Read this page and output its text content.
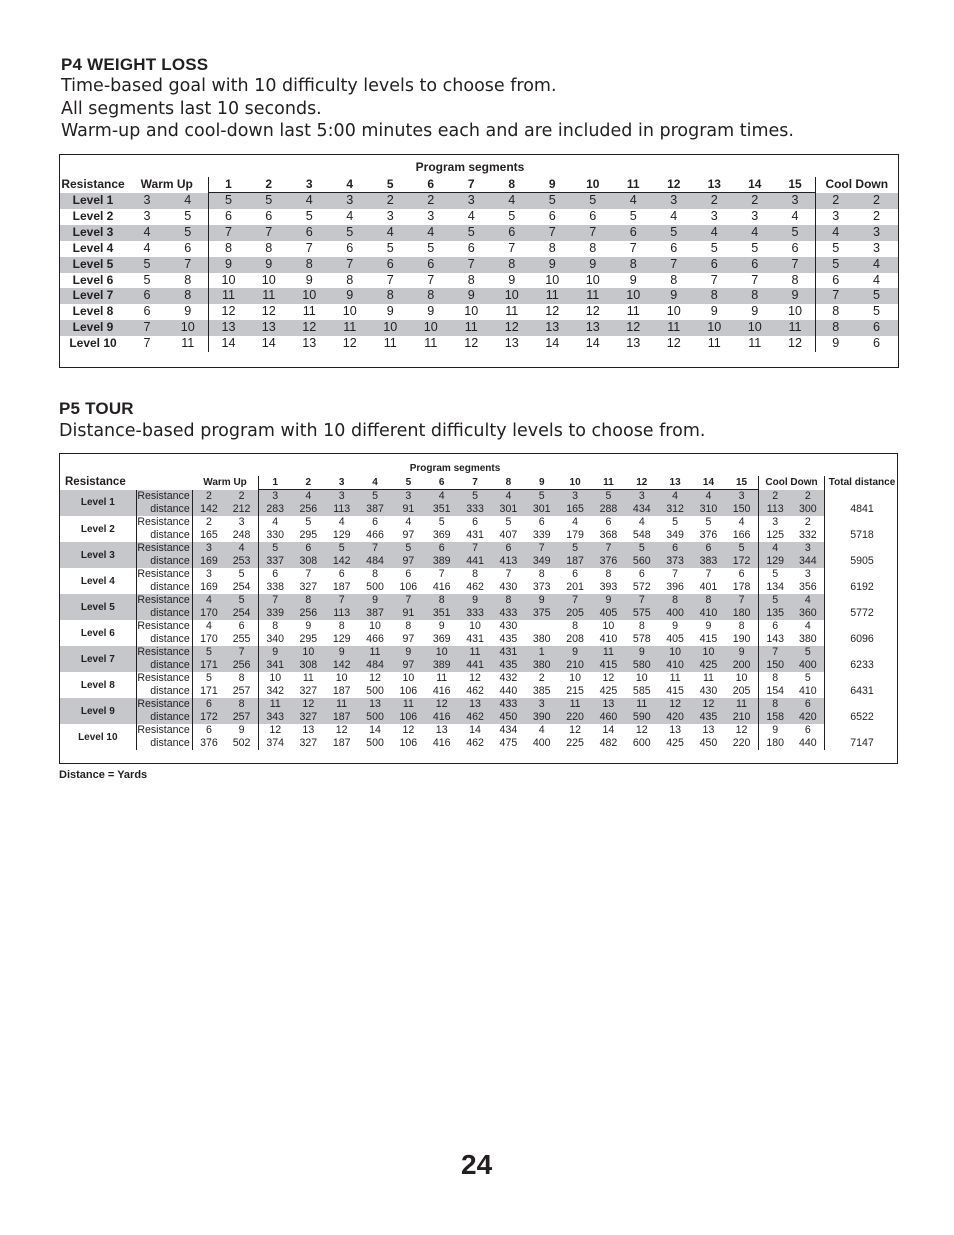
P4 WEIGHT LOSS

Time-based goal with 10 difficulty levels to choose from.

All segments last 10 seconds.

Warm-up and cool-down last 5:00 minutes each and are included in program times.

Program segments
Resistance	Warm Up		1	2	3	4	5	6	7	8	9	10	11	12	13	14	15	Cool Down		
Level 1	3	4	5	5	4	3	2	2	3	4	5	5	4	3	2	2	3	2	2	
Level 2	3	5	6	6	5	4	3	3	4	5	6	6	5	4	3	3	4	3	2	
Level 3	4	5	7	7	6	5	4	4	5	6	7	7	6	5	4	4	5	4	3	
Level 4	4	6	8	8	7	6	5	5	6	7	8	8	7	6	5	5	6	5	3	
Level 5	5	7	9	9	8	7	6	6	7	8	9	9	8	7	6	6	7	5	4	
Level 6	5	8	10	10	9	8	7	7	8	9	10	10	9	8	7	7	8	6	4	
Level 7	6	8	11	11	10	9	8	8	9	10	11	11	10	9	8	8	9	7	5	
Level 8	6	9	12	12	11	10	9	9	10	11	12	12	11	10	9	9	10	8	5	
Level 9	7	10	13	13	12	11	10	10	11	12	13	13	12	11	10	10	11	8	6	
Level 10	7	11	14	14	13	12	11	11	12	13	14	14	13	12	11	11	12	9	6	
P5 TOUR

Distance-based program with 10 different difficulty levels to choose from.

Program segments
Resistance		Warm Up		1	2	3	4	5	6	7	8	9	10	11	12	13	14	15	Cool Down		Total distance
Level 1	Resistance	2	2	3	4	3	5	3	4	5	4	5	3	5	3	4	4	3	2	2	
	distance	142	212	283	256	113	387	91	351	333	301	301	165	288	434	312	310	150	113	300	4841
Level 2	Resistance	2	3	4	5	4	6	4	5	6	5	6	4	6	4	5	5	4	3	2	
	distance	165	248	330	295	129	466	97	369	431	407	339	179	368	548	349	376	166	125	332	5718
Level 3	Resistance	3	4	5	6	5	7	5	6	7	6	7	5	7	5	6	6	5	4	3	
	distance	169	253	337	308	142	484	97	389	441	413	349	187	376	560	373	383	172	129	344	5905
Level 4	Resistance	3	5	6	7	6	8	6	7	8	7	8	6	8	6	7	7	6	5	3	
	distance	169	254	338	327	187	500	106	416	462	430	373	201	393	572	396	401	178	134	356	6192
Level 5	Resistance	4	5	7	8	7	9	7	8	9	8	9	7	9	7	8	8	7	5	4	
	distance	170	254	339	256	113	387	91	351	333	433	375	205	405	575	400	410	180	135	360	5772
Level 6	Resistance	4	6	8	9	8	10	8	9	10	430		8	10	8	9	9	8	6	4	
	distance	170	255	340	295	129	466	97	369	431	435	380	208	410	578	405	415	190	143	380	6096
Level 7	Resistance	5	7	9	10	9	11	9	10	11	431	1	9	11	9	10	10	9	7	5	
	distance	171	256	341	308	142	484	97	389	441	435	380	210	415	580	410	425	200	150	400	6233
Level 8	Resistance	5	8	10	11	10	12	10	11	12	432	2	10	12	10	11	11	10	8	5	
	distance	171	257	342	327	187	500	106	416	462	440	385	215	425	585	415	430	205	154	410	6431
Level 9	Resistance	6	8	11	12	11	13	11	12	13	433	3	11	13	11	12	12	11	8	6	
	distance	172	257	343	327	187	500	106	416	462	450	390	220	460	590	420	435	210	158	420	6522
Level 10	Resistance	6	9	12	13	12	14	12	13	14	434	4	12	14	12	13	13	12	9	6	
	distance	376	502	374	327	187	500	106	416	462	475	400	225	482	600	425	450	220	180	440	7147

Distance = Yards

24
